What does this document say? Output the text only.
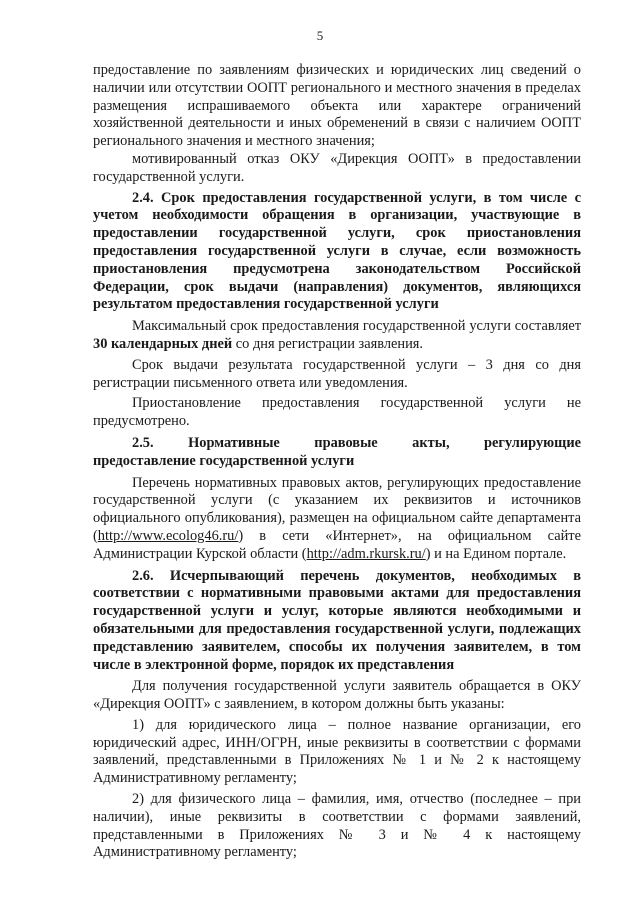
5

предоставление по заявлениям физических и юридических лиц сведений о наличии или отсутствии ООПТ регионального и местного значения в пределах размещения испрашиваемого объекта или характере ограничений хозяйственной деятельности и иных обременений в связи с наличием ООПТ регионального значения и местного значения;

мотивированный отказ ОКУ «Дирекция ООПТ» в предоставлении государственной услуги.

2.4. Срок предоставления государственной услуги, в том числе с учетом необходимости обращения в организации, участвующие в предоставлении государственной услуги, срок приостановления предоставления государственной услуги в случае, если возможность приостановления предусмотрена законодательством Российской Федерации, срок выдачи (направления) документов, являющихся результатом предоставления государственной услуги

Максимальный срок предоставления государственной услуги составляет 30 календарных дней со дня регистрации заявления.

Срок выдачи результата государственной услуги – 3 дня со дня регистрации письменного ответа или уведомления.

Приостановление предоставления государственной услуги не предусмотрено.

2.5. Нормативные правовые акты, регулирующие

предоставление государственной услуги

Перечень нормативных правовых актов, регулирующих предоставление государственной услуги (с указанием их реквизитов и источников официального опубликования), размещен на официальном сайте департамента (http://www.ecolog46.ru/) в сети «Интернет», на официальном сайте Администрации Курской области (http://adm.rkursk.ru/) и на Едином портале.

2.6. Исчерпывающий перечень документов, необходимых в соответствии с нормативными правовыми актами для предоставления государственной услуги и услуг, которые являются необходимыми и обязательными для предоставления государственной услуги, подлежащих представлению заявителем, способы их получения заявителем, в том числе в электронной форме, порядок их представления

Для получения государственной услуги заявитель обращается в ОКУ «Дирекция ООПТ» с заявлением, в котором должны быть указаны:

1) для юридического лица – полное название организации, его юридический адрес, ИНН/ОГРН, иные реквизиты в соответствии с формами заявлений, представленными в Приложениях № 1 и № 2 к настоящему Административному регламенту;

2) для физического лица – фамилия, имя, отчество (последнее – при наличии), иные реквизиты в соответствии с формами заявлений, представленными в Приложениях № 3 и № 4 к настоящему Административному регламенту;
